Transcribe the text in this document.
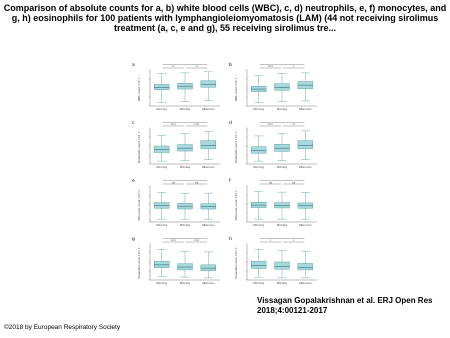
Comparison of absolute counts for a, b) white blood cells (WBC), c, d) neutrophils, e, f) monocytes, and g, h) eosinophils for 100 patients with lymphangioleiomyomatosis (LAM) (44 not receiving sirolimus treatment (a, c, e and g), 55 receiving sirolimus tre...
a
WBC count ×10⁹ L⁻¹
**	**
Morning	Mid-day	Afternoon
b
WBC count ×10⁹ L⁻¹
****	*
Morning	Mid-day	Afternoon
c
Neutrophil count ×10⁹ L⁻¹
****	****
Morning	Mid-day	Afternoon
d
Neutrophil count ×10⁹ L⁻¹
****	**
Morning	Mid-day	Afternoon
e
Monocyte count ×10⁹ L⁻¹
ns	ns
Morning	Mid-day	Afternoon
f
Monocyte count ×10⁹ L⁻¹
ns	ns
Morning	Mid-day	Afternoon
g
Eosinophil count ×10⁹ L⁻¹
****	****
Morning	Mid-day	Afternoon
h
Eosinophil count ×10⁹ L⁻¹
*	*
Morning	Mid-day	Afternoon
Vissagan Gopalakrishnan et al. ERJ Open Res
2018;4:00121-2017
©2018 by European Respiratory Society
